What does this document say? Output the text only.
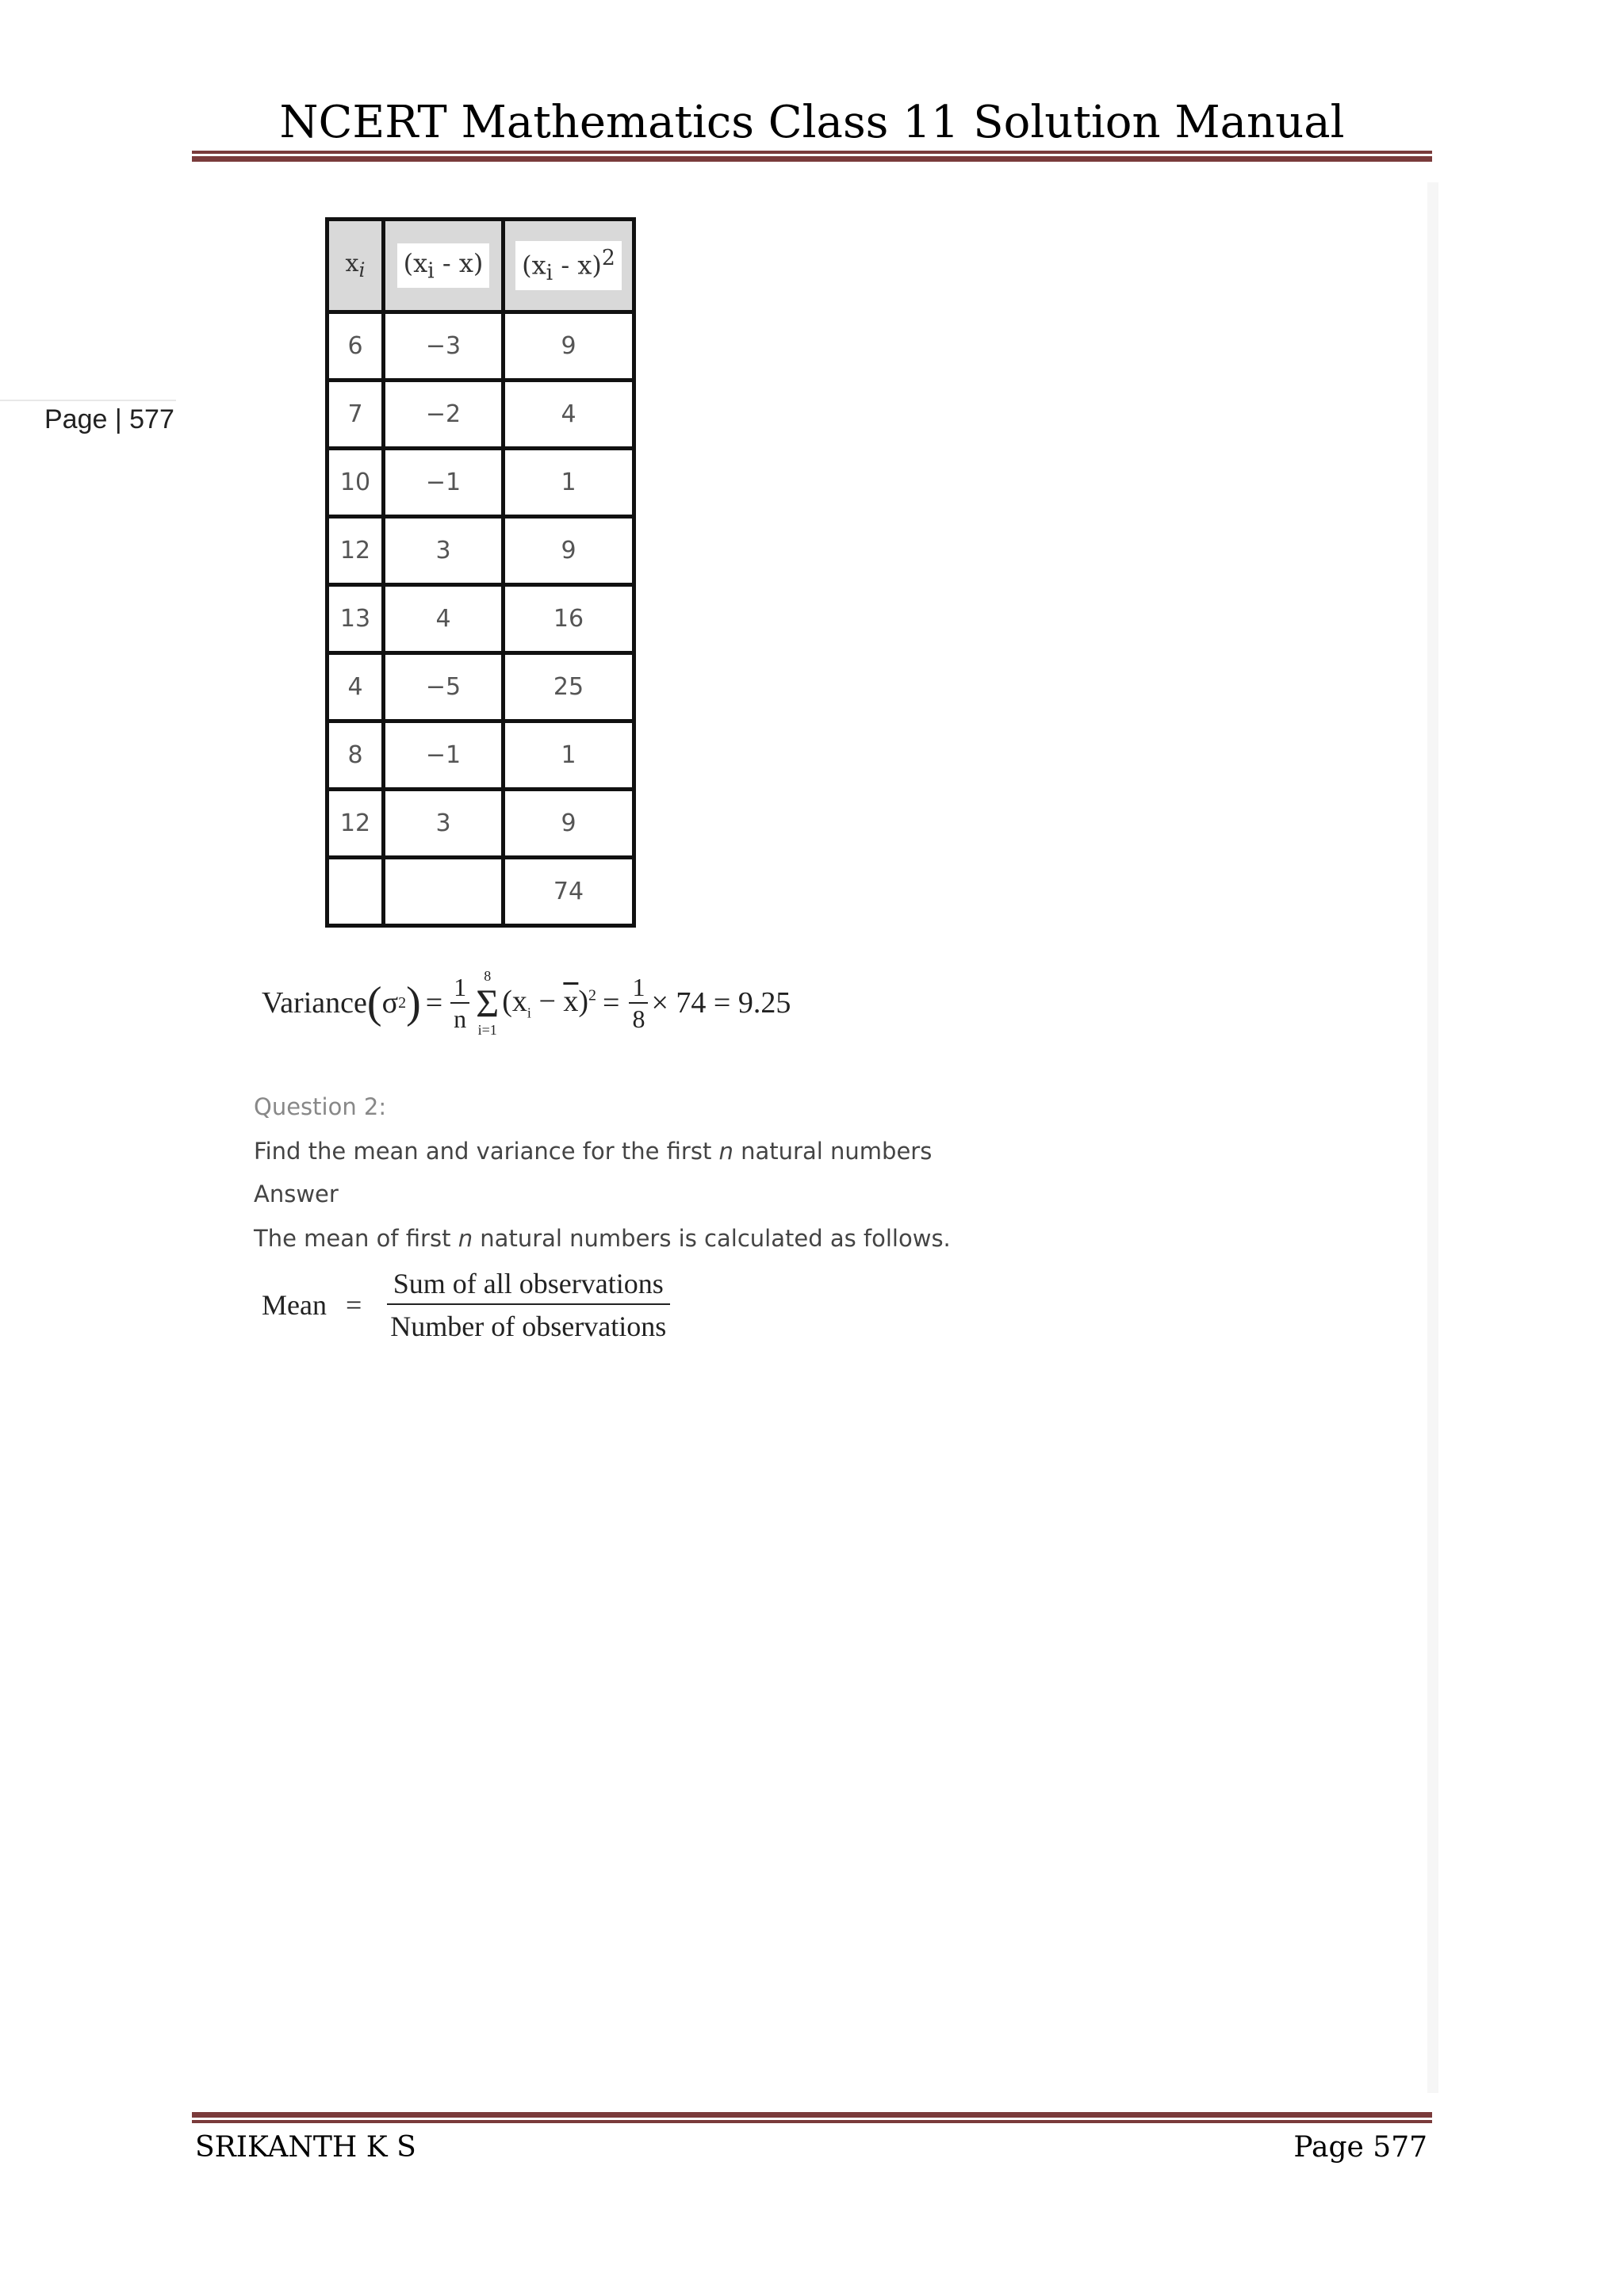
NCERT Mathematics Class 11 Solution Manual
Page | 577
$x_i$	$(x_i - x)$	$(x_i - x)^2$
6	−3	9
7	−2	4
10	−1	1
12	3	9
13	4	16
4	−5	25
8	−1	1
12	3	9
		74
Variance ( σ 2 ) = $\frac{1}{n} 8$
Σ
i=1
$(x_i - \overline{x})^2 = \frac{1}{8} \times 74 = 9.25$
Question 2:
Find the mean and variance for the first n natural numbers
Answer
The mean of first n natural numbers is calculated as follows.
Mean = $\frac{\text{Sum of all observations}}{\text{Number of observations}}$
SRIKANTH K S	Page 577
